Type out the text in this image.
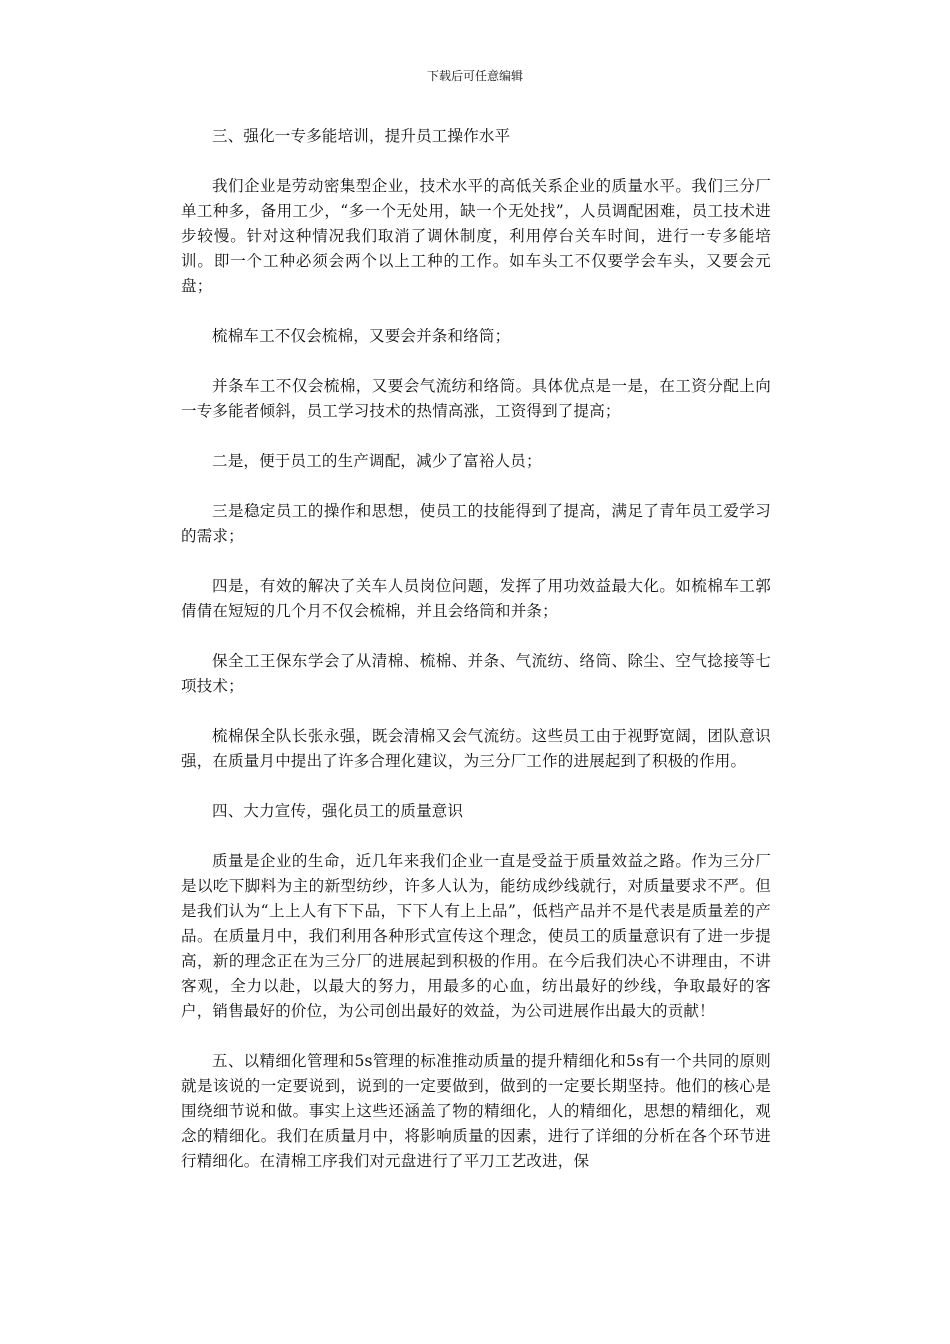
下载后可任意编辑

三、强化一专多能培训，提升员工操作水平

我们企业是劳动密集型企业，技术水平的高低关系企业的质量水平。我们三分厂单工种多，备用工少，“多一个无处用，缺一个无处找”，人员调配困难，员工技术进步较慢。针对这种情况我们取消了调休制度，利用停台关车时间，进行一专多能培训。即一个工种必须会两个以上工种的工作。如车头工不仅要学会车头，又要会元盘；

梳棉车工不仅会梳棉，又要会并条和络筒；

并条车工不仅会梳棉，又要会气流纺和络筒。具体优点是一是，在工资分配上向一专多能者倾斜，员工学习技术的热情高涨，工资得到了提高；

二是，便于员工的生产调配，减少了富裕人员；

三是稳定员工的操作和思想，使员工的技能得到了提高，满足了青年员工爱学习的需求；

四是，有效的解决了关车人员岗位问题，发挥了用功效益最大化。如梳棉车工郭倩倩在短短的几个月不仅会梳棉，并且会络筒和并条；

保全工王保东学会了从清棉、梳棉、并条、气流纺、络筒、除尘、空气捻接等七项技术；

梳棉保全队长张永强，既会清棉又会气流纺。这些员工由于视野宽阔，团队意识强，在质量月中提出了许多合理化建议，为三分厂工作的进展起到了积极的作用。

四、大力宣传，强化员工的质量意识

质量是企业的生命，近几年来我们企业一直是受益于质量效益之路。作为三分厂是以吃下脚料为主的新型纺纱，许多人认为，能纺成纱线就行，对质量要求不严。但是我们认为“上上人有下下品，下下人有上上品”，低档产品并不是代表是质量差的产品。在质量月中，我们利用各种形式宣传这个理念，使员工的质量意识有了进一步提高，新的理念正在为三分厂的进展起到积极的作用。在今后我们决心不讲理由，不讲客观，全力以赴，以最大的努力，用最多的心血，纺出最好的纱线，争取最好的客户，销售最好的价位，为公司创出最好的效益，为公司进展作出最大的贡献！

五、以精细化管理和5s管理的标准推动质量的提升精细化和5s有一个共同的原则就是该说的一定要说到，说到的一定要做到，做到的一定要长期坚持。他们的核心是围绕细节说和做。事实上这些还涵盖了物的精细化，人的精细化，思想的精细化，观念的精细化。我们在质量月中，将影响质量的因素，进行了详细的分析在各个环节进行精细化。在清棉工序我们对元盘进行了平刀工艺改进，保
